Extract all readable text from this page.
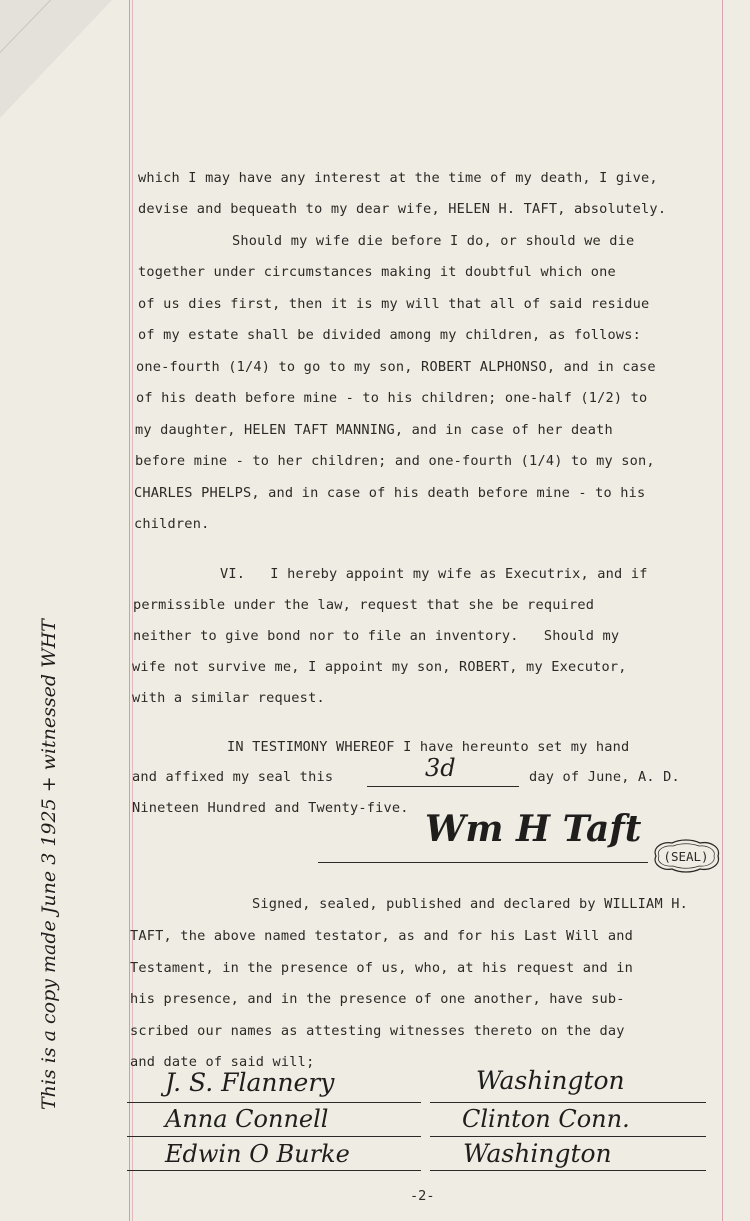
which I may have any interest at the time of my death, I give,
devise and bequeath to my dear wife, HELEN H. TAFT, absolutely.
Should my wife die before I do, or should we die
together under circumstances making it doubtful which one
of us dies first, then it is my will that all of said residue
of my estate shall be divided among my children, as follows:
one-fourth (1/4) to go to my son, ROBERT ALPHONSO, and in case
of his death before mine - to his children; one-half (1/2) to
my daughter, HELEN TAFT MANNING, and in case of her death
before mine - to her children; and one-fourth (1/4) to my son,
CHARLES PHELPS, and in case of his death before mine - to his
children.
VI.   I hereby appoint my wife as Executrix, and if
permissible under the law, request that she be required
neither to give bond nor to file an inventory.   Should my
wife not survive me, I appoint my son, ROBERT, my Executor,
with a similar request.
IN TESTIMONY WHEREOF I have hereunto set my hand
and affixed my seal this	3d	day of June, A. D.
Nineteen Hundred and Twenty-five. Wm H Taft
(SEAL)
Signed, sealed, published and declared by WILLIAM H.
TAFT, the above named testator, as and for his Last Will and
Testament, in the presence of us, who, at his request and in
his presence, and in the presence of one another, have sub-
scribed our names as attesting witnesses thereto on the day
and date of said will;
J. S. Flannery	Washington
Anna Connell	Clinton Conn.
Edwin O Burke	Washington
This is a copy made June 3 1925 + witnessed WHT
-2-
